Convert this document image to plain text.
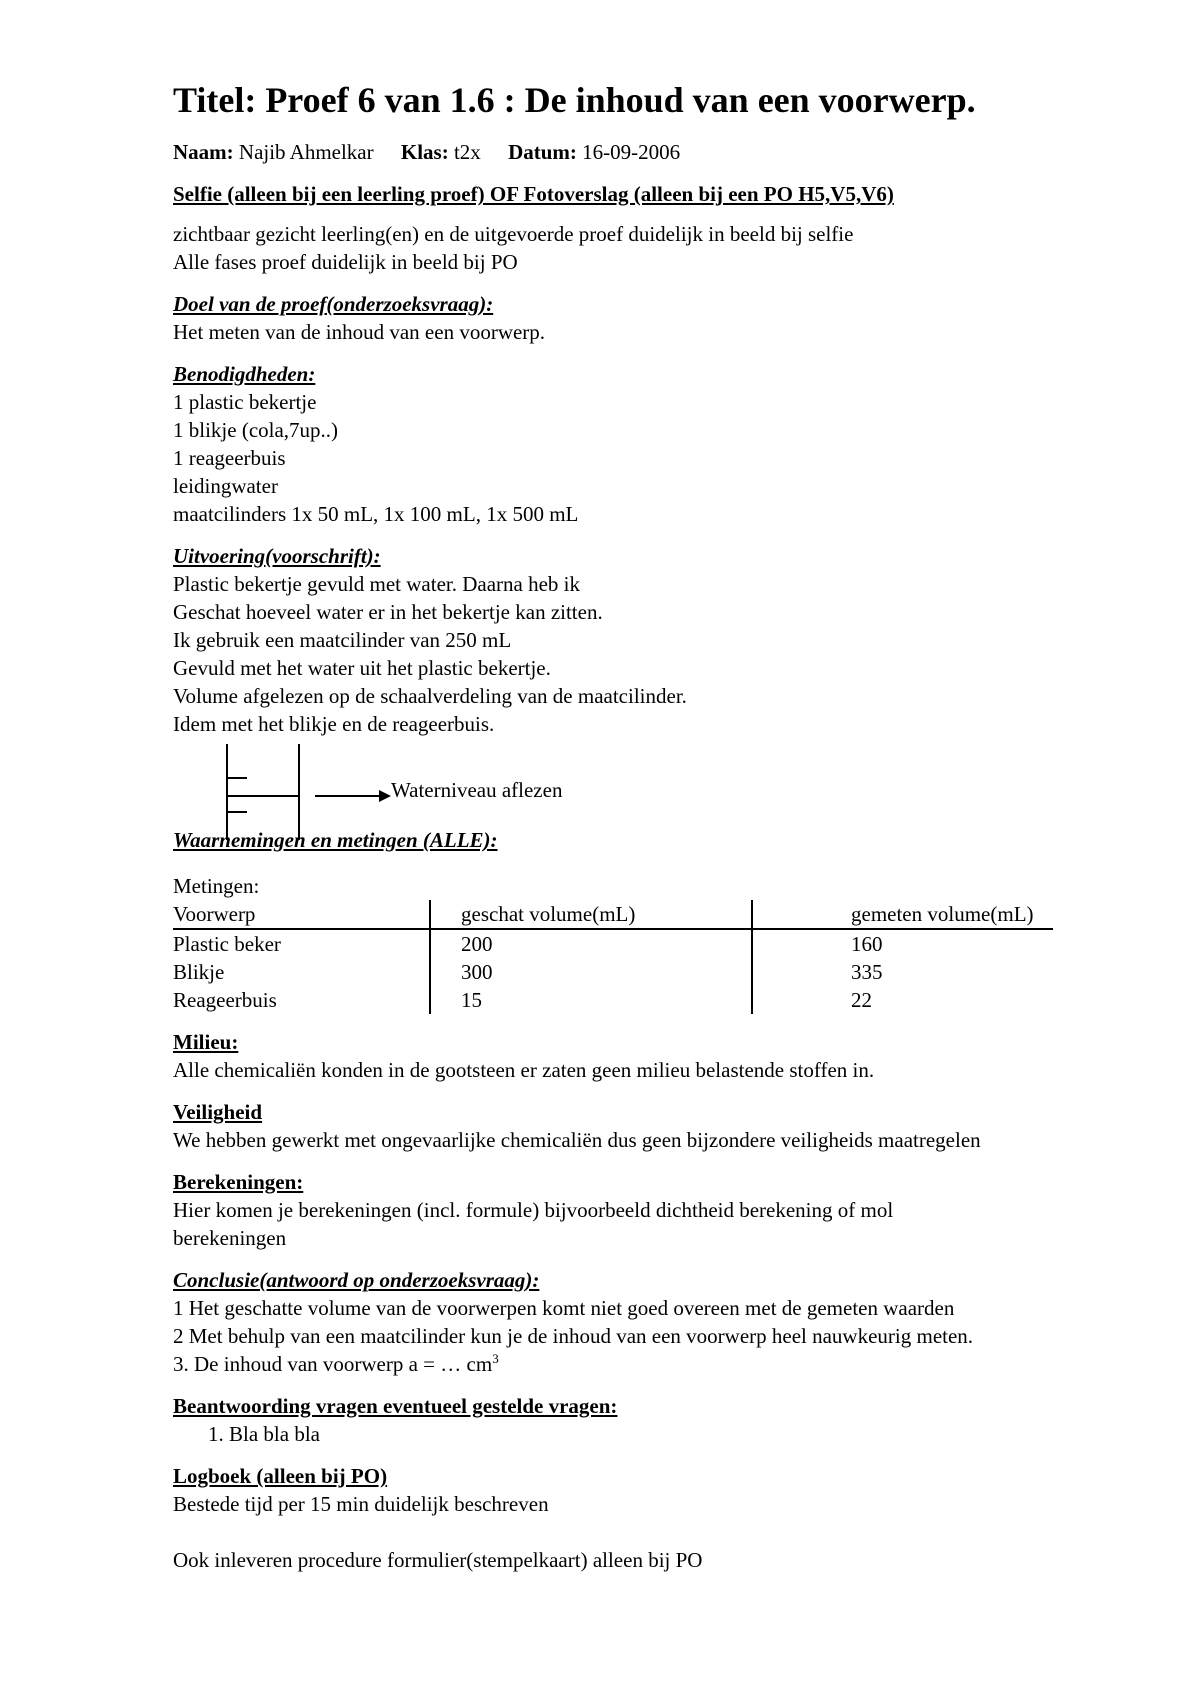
Titel: Proef 6 van 1.6 : De inhoud van een voorwerp.
Naam: Najib Ahmelkar Klas: t2x Datum: 16-09-2006
Selfie (alleen bij een leerling proef) OF Fotoverslag (alleen bij een PO H5,V5,V6)
zichtbaar gezicht leerling(en) en de uitgevoerde proef duidelijk in beeld bij selfie
Alle fases proef duidelijk in beeld bij PO
Doel van de proef(onderzoeksvraag):
Het meten van de inhoud van een voorwerp.
Benodigdheden:
1 plastic bekertje
1 blikje (cola,7up..)
1 reageerbuis
leidingwater
maatcilinders 1x 50 mL, 1x 100 mL, 1x 500 mL
Uitvoering(voorschrift):
Plastic bekertje gevuld met water. Daarna heb ik
Geschat hoeveel water er in het bekertje kan zitten.
Ik gebruik een maatcilinder van 250 mL
Gevuld met het water uit het plastic bekertje.
Volume afgelezen op de schaalverdeling van de maatcilinder.
Idem met het blikje en de reageerbuis.
Waterniveau aflezen
Waarnemingen en metingen (ALLE):
Metingen:
Voorwerp	geschat volume(mL)	gemeten volume(mL)
Plastic beker	200	160
Blikje	300	335
Reageerbuis	15	22
Milieu:
Alle chemicaliën konden in de gootsteen er zaten geen milieu belastende stoffen in.
Veiligheid
We hebben gewerkt met ongevaarlijke chemicaliën dus geen bijzondere veiligheids maatregelen
Berekeningen:
Hier komen je berekeningen (incl. formule) bijvoorbeeld dichtheid berekening of mol
berekeningen
Conclusie(antwoord op onderzoeksvraag):
1 Het geschatte volume van de voorwerpen komt niet goed overeen met de gemeten waarden
2 Met behulp van een maatcilinder kun je de inhoud van een voorwerp heel nauwkeurig meten.
3. De inhoud van voorwerp a = … $cm^3$
Beantwoording vragen eventueel gestelde vragen:
1. Bla bla bla
Logboek (alleen bij PO)
Bestede tijd per 15 min duidelijk beschreven
Ook inleveren procedure formulier(stempelkaart) alleen bij PO
